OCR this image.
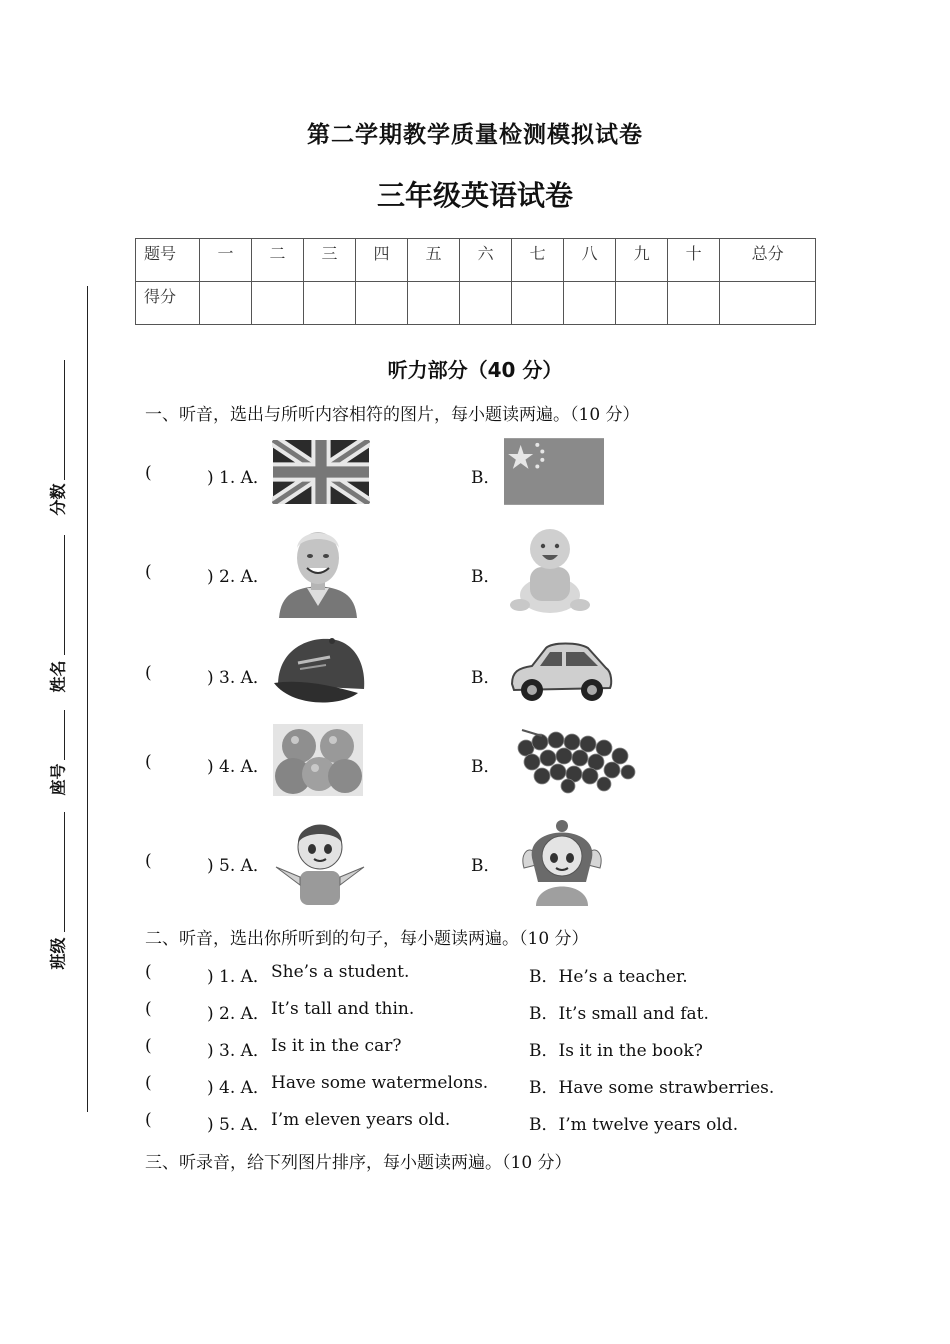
第二学期教学质量检测模拟试卷
三年级英语试卷
题号	一	二	三	四	五	六	七	八	九	十	总分
得分											
分数
姓名
座号
班级
听力部分（40 分）
一、听音，选出与所听内容相符的图片，每小题读两遍。（10 分）
(	) 1. A．	B．
(	) 2. A．	B．
(	) 3. A．	B．
(	) 4. A．	B．
(	) 5. A．	B．
二、听音，选出你所听到的句子，每小题读两遍。（10 分）
(	) 1. A． She’s a student.	B．He’s a teacher.
(	) 2. A． It’s tall and thin.	B．It’s small and fat.
(	) 3. A． Is it in the car?	B．Is it in the book?
(	) 4. A． Have some watermelons. B．Have some strawberries.
(	) 5. A． I’m eleven years old.	B．I’m twelve years old.
三、听录音，给下列图片排序，每小题读两遍。（10 分）
